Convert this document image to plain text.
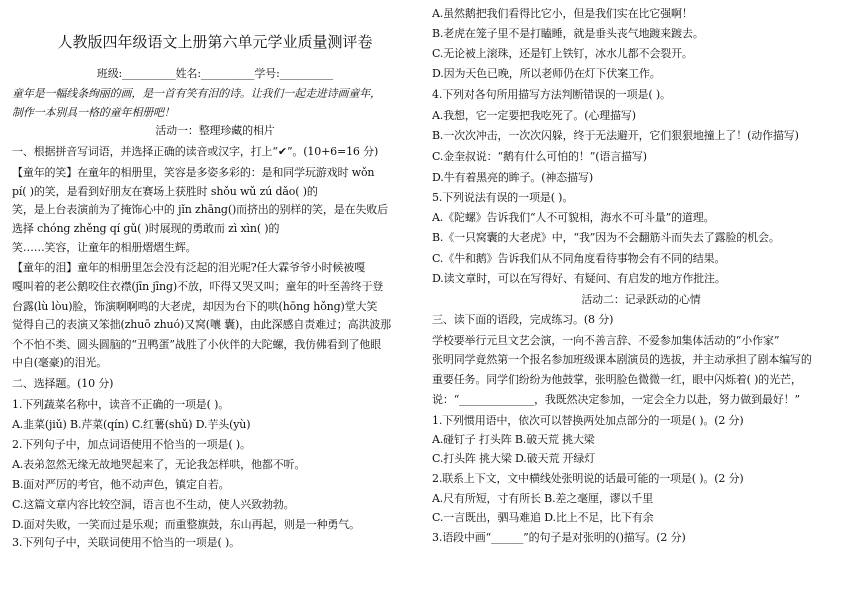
人教版四年级语文上册第六单元学业质量测评卷
班级:__________姓名:__________学号:__________
童年是一幅线条绚丽的画，是一首有笑有泪的诗。让我们一起走进诗画童年，
制作一本别具一格的童年相册吧！
活动一：整理珍藏的相片
一、根据拼音写词语，并选择正确的读音或汉字，打上“✔”。(10+6=16 分)
【童年的笑】在童年的相册里，笑容是多姿多彩的：是和同学玩游戏时 wǒn
pí( )的笑，是看到好朋友在赛场上获胜时 shǒu wǔ zú dǎo( )的
笑，是上台表演前为了掩饰心中的 jǐn zhāng()而挤出的别样的笑，是在失败后
选择 chóng zhěng qí gǔ( )时展现的勇敢而 zì xìn( )的
笑……笑容，让童年的相册熠熠生辉。
【童年的泪】童年的相册里怎会没有泛起的泪光呢?任大霖爷爷小时候被嘎
嘎叫着的老公鹅咬住衣襟(jīn jīng)不放，吓得又哭又叫；童年的叶至善终于登
台露(lù lòu)脸，饰演啊啊鸣的大老虎，却因为台下的哄(hōng hǒng)堂大笑
觉得自己的表演又笨拙(zhuō zhuó)又窝(嚷 囊)，由此深感自责难过；高洪波那
个不怕不类、圆头圆脑的“丑鸭蛋”战胜了小伙伴的大陀螺，我仿佛看到了他眼
中自(毫豪)的泪光。
二、选择题。(10 分)
1.下列蔬菜名称中，读音不正确的一项是( )。
A.韭菜(jiǔ) B.芹菜(qín) C.红薯(shǔ) D.芋头(yù)
2.下列句子中，加点词语使用不恰当的一项是( )。
A.表弟忽然无缘无故地哭起来了，无论我怎样哄，他都不听。
B.面对严厉的考官，他不动声色，镇定自若。
C.这篇文章内容比较空洞，语言也不生动，使人兴致勃勃。
D.面对失败，一笑而过是乐观；而重整旗鼓，东山再起，则是一种勇气。
3.下列句子中，关联词使用不恰当的一项是( )。
A.虽然鹅把我们看得比它小，但是我们实在比它强啊！
B.老虎在笼子里不是打瞌睡，就是垂头丧气地踱来踱去。
C.无论被上滚珠，还是钉上铁钉，冰水儿都不会裂开。
D.因为天色已晚，所以老师仍在灯下伏案工作。
4.下列对各句所用描写方法判断错误的一项是( )。
A.我想，它一定要把我吃死了。(心理描写)
B.一次次冲击，一次次闪躲，终于无法避开，它们狠狠地撞上了！(动作描写)
C.金奎叔说：“鹅有什么可怕的！”(语言描写)
D.牛有着黑亮的眸子。(神态描写)
5.下列说法有误的一项是( )。
A.《陀螺》告诉我们“人不可貌相，海水不可斗量”的道理。
B.《一只窝囊的大老虎》中，“我”因为不会翻筋斗而失去了露脸的机会。
C.《牛和鹅》告诉我们从不同角度看待事物会有不同的结果。
D.读文章时，可以在写得好、有疑问、有启发的地方作批注。
活动二：记录跃动的心情
三、读下面的语段，完成练习。(8 分)
学校要举行元旦文艺会演，一向不善言辞、不爱参加集体活动的“小作家”
张明同学竟然第一个报名参加班级课本剧演员的选拔，并主动承担了剧本编写的
重要任务。同学们纷纷为他鼓掌，张明脸色微微一红，眼中闪烁着( )的光芒，
说：“______________，我既然决定参加，一定会全力以赴，努力做到最好！”
1.下列惯用语中，依次可以替换两处加点部分的一项是( )。(2 分)
A.碰钉子 打头阵 B.破天荒 挑大梁
C.打头阵 挑大梁 D.破天荒 开绿灯
2.联系上下文，文中横线处张明说的话最可能的一项是( )。(2 分)
A.尺有所短，寸有所长 B.差之毫厘，谬以千里
C.一言既出，驷马难追 D.比上不足，比下有余
3.语段中画“______”的句子是对张明的()描写。(2 分)
